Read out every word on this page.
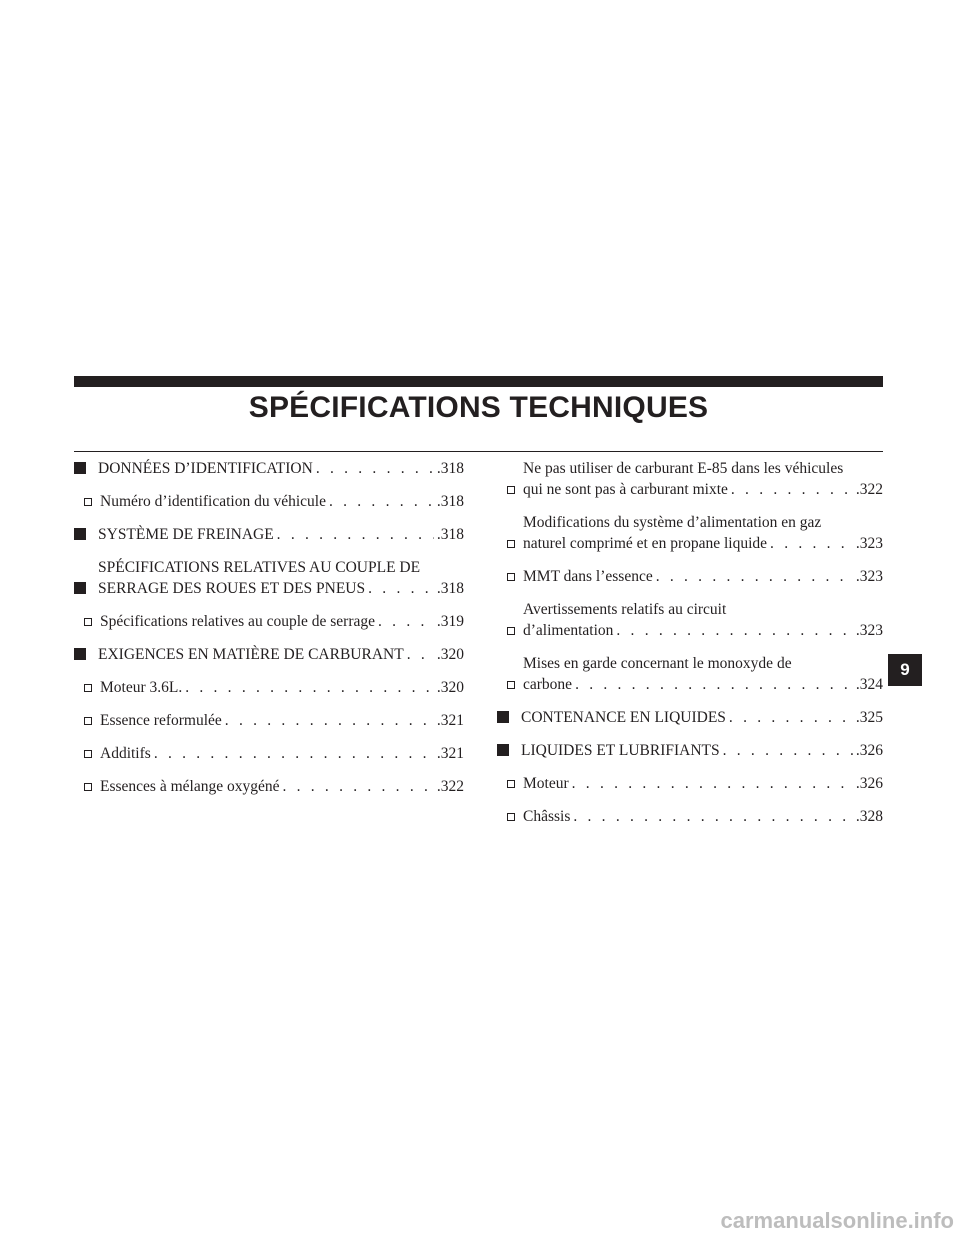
SPÉCIFICATIONS TECHNIQUES
DONNÉES D’IDENTIFICATION . . .	.318
Numéro d’identification du véhicule . . .	.318
SYSTÈME DE FREINAGE . . .	.318
SPÉCIFICATIONS RELATIVES AU COUPLE DE
SERRAGE DES ROUES ET DES PNEUS . . .	.318
Spécifications relatives au couple de serrage . . .	.319
EXIGENCES EN MATIÈRE DE CARBURANT . . . .320
Moteur 3.6L. . . .	.320
Essence reformulée . . .	.321
Additifs . . .	.321
Essences à mélange oxygéné . . .	.322
Ne pas utiliser de carburant E-85 dans les véhicules
qui ne sont pas à carburant mixte . . .	.322
Modifications du système d’alimentation en gaz
naturel comprimé et en propane liquide . . .	.323
MMT dans l’essence . . .	.323
Avertissements relatifs au circuit
d’alimentation . . .	.323
Mises en garde concernant le monoxyde de
carbone . . .	.324
CONTENANCE EN LIQUIDES . . .	.325
LIQUIDES ET LUBRIFIANTS . . .	.326
Moteur . . .	.326
Châssis . . .	.328
9
carmanualsonline.info
